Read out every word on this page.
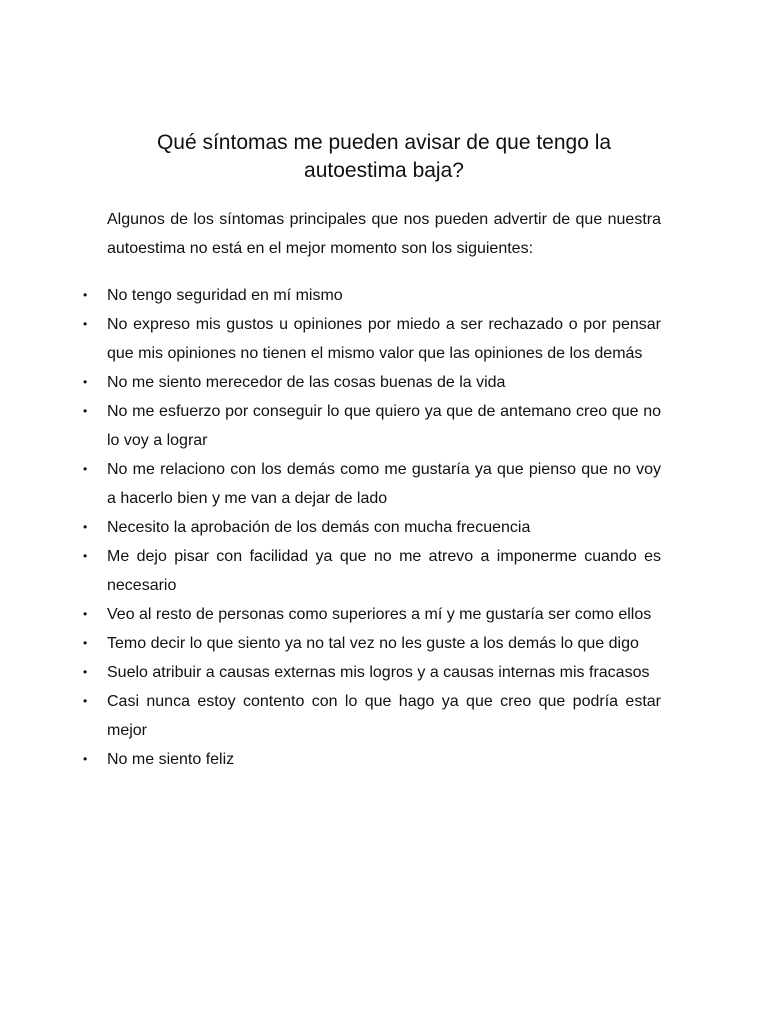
Qué síntomas me pueden avisar de que tengo la autoestima baja?

Algunos de los síntomas principales que nos pueden advertir de que nuestra autoestima no está en el mejor momento son los siguientes:

• No tengo seguridad en mí mismo
• No expreso mis gustos u opiniones por miedo a ser rechazado o por pensar que mis opiniones no tienen el mismo valor que las opiniones de los demás
• No me siento merecedor de las cosas buenas de la vida
• No me esfuerzo por conseguir lo que quiero ya que de antemano creo que no lo voy a lograr
• No me relaciono con los demás como me gustaría ya que pienso que no voy a hacerlo bien y me van a dejar de lado
• Necesito la aprobación de los demás con mucha frecuencia
• Me dejo pisar con facilidad ya que no me atrevo a imponerme cuando es necesario
• Veo al resto de personas como superiores a mí y me gustaría ser como ellos
• Temo decir lo que siento ya no tal vez no les guste a los demás lo que digo
• Suelo atribuir a causas externas mis logros y a causas internas mis fracasos
• Casi nunca estoy contento con lo que hago ya que creo que podría estar mejor
• No me siento feliz
